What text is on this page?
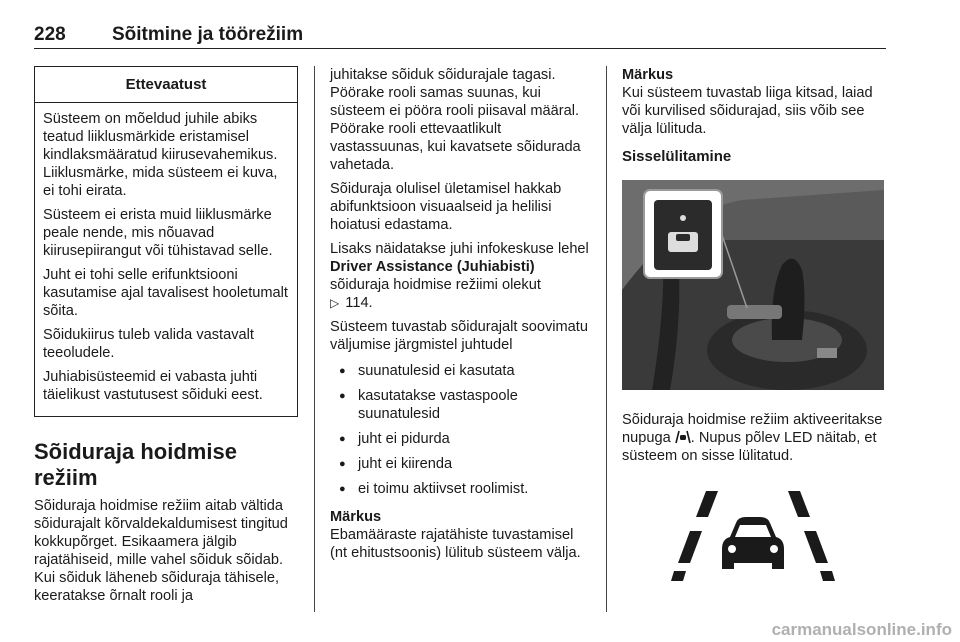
228 Sõitmine ja töörežiim
Ettevaatust

Süsteem on mõeldud juhile abiks teatud liiklusmärkide eristamisel kindlaksmääratud kiirusevahemikus. Liiklusmärke, mida süsteem ei kuva, ei tohi eirata.

Süsteem ei erista muid liiklusmärke peale nende, mis nõuavad kiirusepiirangut või tühistavad selle.

Juht ei tohi selle erifunktsiooni kasutamise ajal tavalisest hooletumalt sõita.

Sõidukiirus tuleb valida vastavalt teeoludele.

Juhiabisüsteemid ei vabasta juhti täielikust vastutusest sõiduki eest.

Sõiduraja hoidmise režiim

Sõiduraja hoidmise režiim aitab vältida sõidurajalt kõrvaldekaldumisest tingitud kokkupõrget. Esikaamera jälgib rajatähiseid, mille vahel sõiduk sõidab. Kui sõiduk läheneb sõiduraja tähisele, keeratakse õrnalt rooli ja

juhitakse sõiduk sõidurajale tagasi. Pöörake rooli samas suunas, kui süsteem ei pööra rooli piisaval määral. Pöörake rooli ettevaatlikult vastassuunas, kui kavatsete sõidurada vahetada.

Sõiduraja olulisel ületamisel hakkab abifunktsioon visuaalseid ja helilisi hoiatusi edastama.

Lisaks näidatakse juhi infokeskuse lehel Driver Assistance (Juhiabisti) sõiduraja hoidmise režiimi olekut
▷ 114.

Süsteem tuvastab sõidurajalt soovimatu väljumise järgmistel juhtudel

● suunatulesid ei kasutata
● kasutatakse vastaspoole suunatulesid
● juht ei pidurda
● juht ei kiirenda
● ei toimu aktiivset roolimist.

Märkus

Ebamääraste rajatähiste tuvastamisel (nt ehitustsoonis) lülitub süsteem välja.

Märkus

Kui süsteem tuvastab liiga kitsad, laiad või kurvilised sõidurajad, siis võib see välja lülituda.

Sisselülitamine

Sõiduraja hoidmise režiim aktiveeritakse nupuga . Nupus põlev LED näitab, et süsteem on sisse lülitatud.

carmanualsonline.info
